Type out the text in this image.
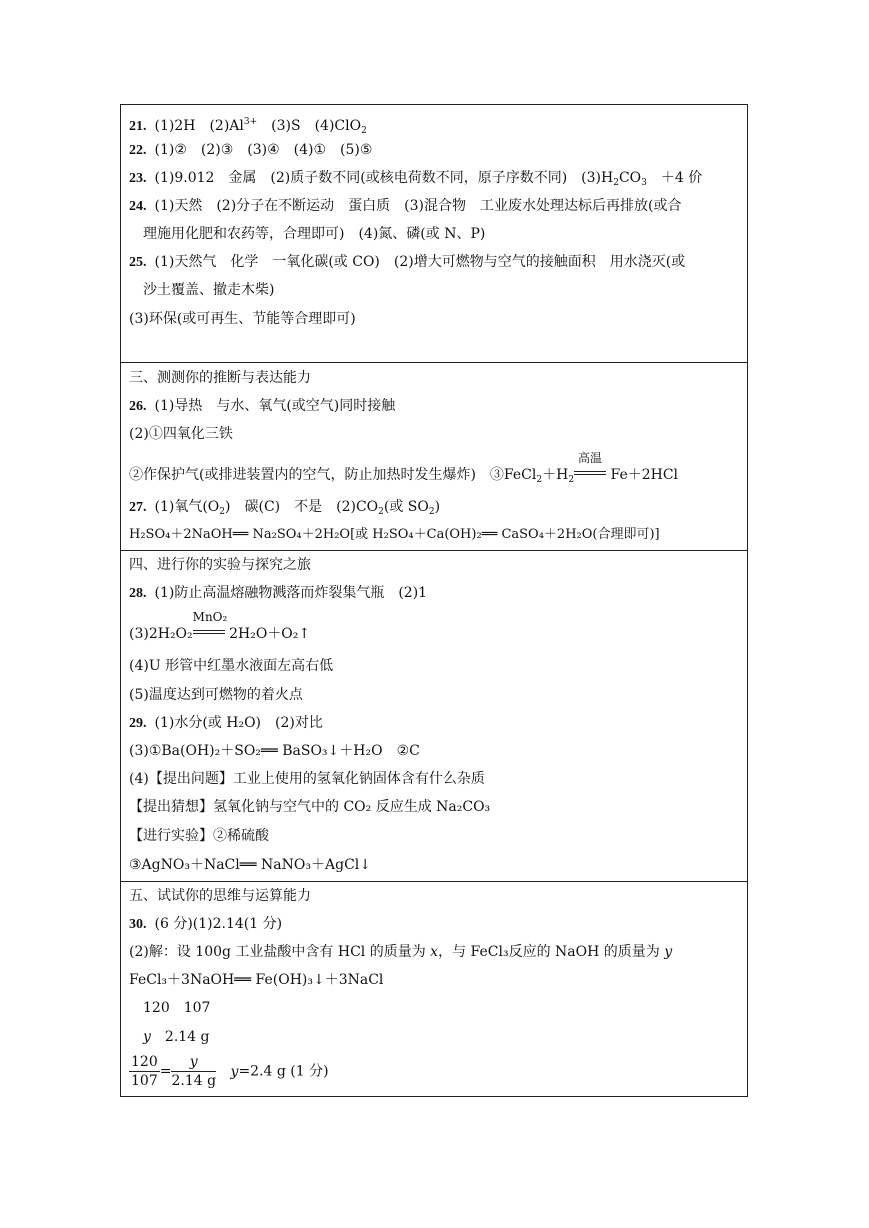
21. (1)2H　$(2)Al^{3+}$　(3)S　(4)ClO$_2$
22. (1)②　(2)③　(3)④　(4)①　(5)⑤
23. (1)9.012　金属　(2)质子数不同(或核电荷数不同，原子序数不同)　$(3)H_2CO_3$　＋4 价
24. (1)天然　(2)分子在不断运动　蛋白质　(3)混合物　工业废水处理达标后再排放(或合
理施用化肥和农药等，合理即可)　(4)氮、磷(或 N、P)
25. (1)天然气　化学　一氧化碳(或 CO)　(2)增大可燃物与空气的接触面积　用水浇灭(或
沙土覆盖、撤走木柴)
(3)环保(或可再生、节能等合理即可)
三、测测你的推断与表达能力
26. (1)导热　与水、氧气(或空气)同时接触
(2)①四氧化三铁
②作保护气(或排进装置内的空气，防止加热时发生爆炸)　$③FeCl_2+H_2$
高温
Fe＋2HCl
27. (1)氧气$(O_2)$　碳(C)　不是　$(2)CO_2$(或 $SO_2$)
H₂SO₄＋2NaOH══ Na₂SO₄＋2H₂O[或 H₂SO₄＋Ca(OH)₂══ CaSO₄＋2H₂O(合理即可)]
四、进行你的实验与探究之旅
28. (1)防止高温熔融物溅落而炸裂集气瓶　(2)1
(3)2H₂O₂
MnO₂
2H₂O＋O₂↑
(4)U 形管中红墨水液面左高右低
(5)温度达到可燃物的着火点
29. (1)水分(或 H₂O)　(2)对比
(3)①Ba(OH)₂＋SO₂══ BaSO₃↓＋H₂O　②C
(4)【提出问题】工业上使用的氢氧化钠固体含有什么杂质
【提出猜想】氢氧化钠与空气中的 CO₂ 反应生成 Na₂CO₃
【进行实验】②稀硫酸
③AgNO₃＋NaCl══ NaNO₃＋AgCl↓
五、试试你的思维与运算能力
30. (6 分)(1)2.14(1 分)
(2)解：设 100g 工业盐酸中含有 HCl 的质量为 x，与 FeCl₃反应的 NaOH 的质量为 y
FeCl₃＋3NaOH══ Fe(OH)₃↓＋3NaCl
120　107
y　2.14 g
$\frac{120}{107} = \frac{y}{2.14 g} y=2.4$ g (1 分)
